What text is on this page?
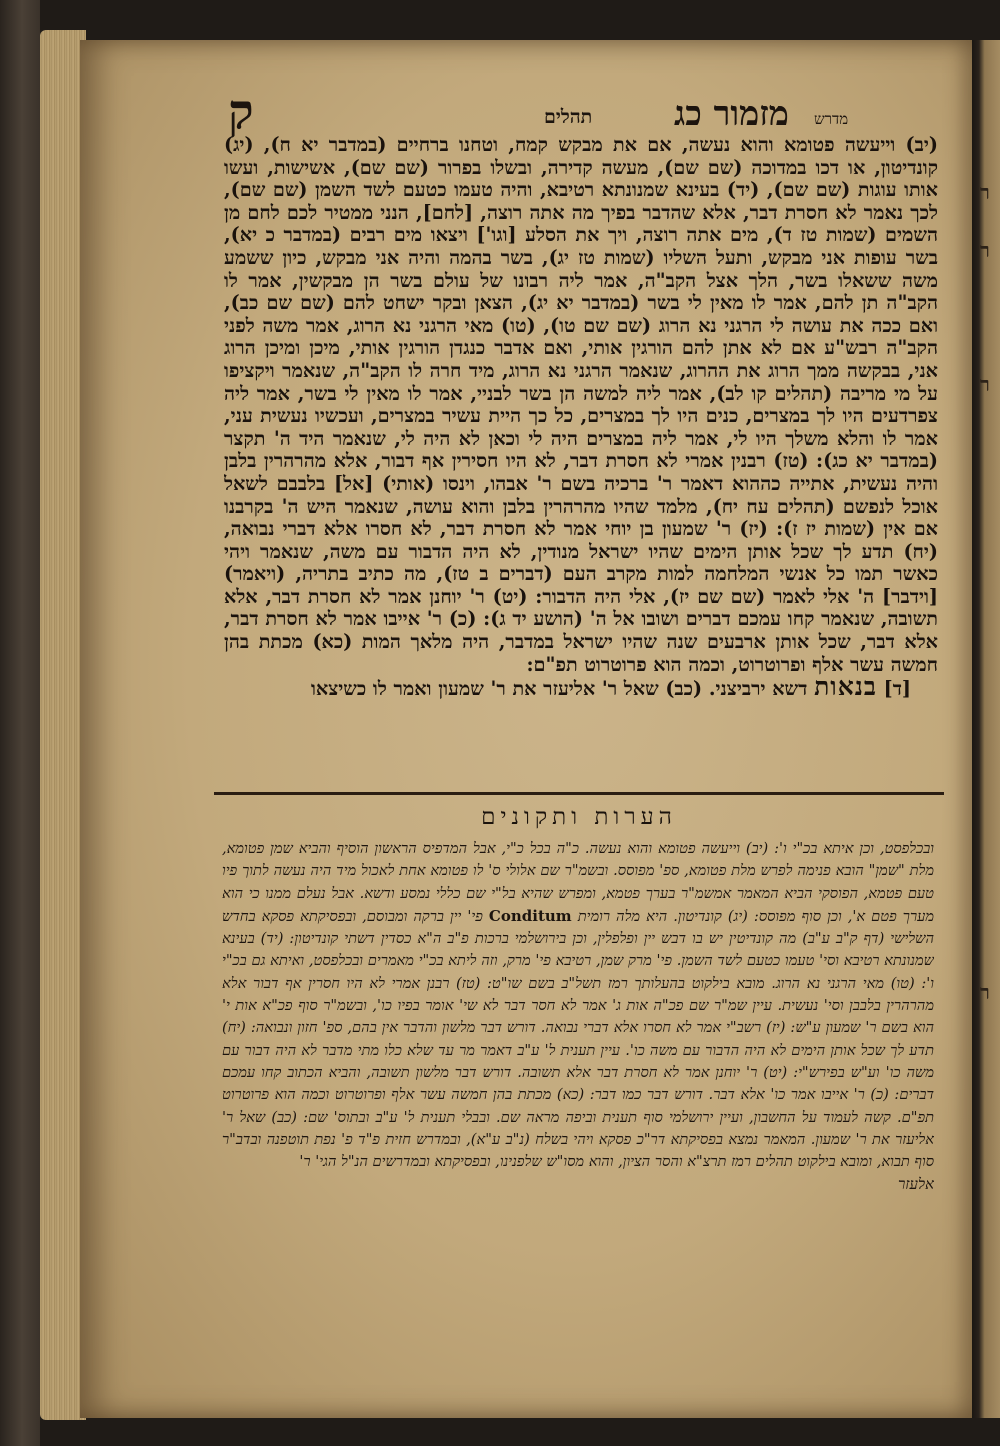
ר
ר
ר
ר
ק	תהלים מזמור כג מדרש
(יב) וייעשה פטומא והוא נעשה, אם את מבקש קמח, וטחנו ברחיים (במדבר יא ח), (יג) קונדיטון, או דכו במדוכה (שם שם), מעשה קדירה, ובשלו בפרור (שם שם), אשישות, ועשו אותו עוגות (שם שם), (יד) בעינא שמנונתא רטיבא, והיה טעמו כטעם לשד השמן (שם שם), לכך נאמר לא חסרת דבר, אלא שהדבר בפיך מה אתה רוצה, [לחם], הנני ממטיר לכם לחם מן השמים (שמות טז ד), מים אתה רוצה, ויך את הסלע [וגו'] ויצאו מים רבים (במדבר כ יא), בשר עופות אני מבקש, ותעל השליו (שמות טז יג), בשר בהמה והיה אני מבקש, כיון ששמע משה ששאלו בשר, הלך אצל הקב"ה, אמר ליה רבונו של עולם בשר הן מבקשין, אמר לו הקב"ה תן להם, אמר לו מאין לי בשר (במדבר יא יג), הצאן ובקר ישחט להם (שם שם כב), ואם ככה את עושה לי הרגני נא הרוג (שם שם טו), (טו) מאי הרגני נא הרוג, אמר משה לפני הקב"ה רבש"ע אם לא אתן להם הורגין אותי, ואם אדבר כנגדן הורגין אותי, מיכן ומיכן הרוג אני, בבקשה ממך הרוג את ההרוג, שנאמר הרגני נא הרוג, מיד חרה לו הקב"ה, שנאמר ויקציפו על מי מריבה (תהלים קו לב), אמר ליה למשה הן בשר לבניי, אמר לו מאין לי בשר, אמר ליה צפרדעים היו לך במצרים, כנים היו לך במצרים, כל כך היית עשיר במצרים, ועכשיו נעשית עני, אמר לו והלא משלך היו לי, אמר ליה במצרים היה לי וכאן לא היה לי, שנאמר היד ה' תקצר (במדבר יא כג): (טז) רבנין אמרי לא חסרת דבר, לא היו חסירין אף דבור, אלא מהרהרין בלבן והיה נעשית, אתייה כההוא דאמר ר' ברכיה בשם ר' אבהו, וינסו (אותי) [אל] בלבבם לשאל אוכל לנפשם (תהלים עח יח), מלמד שהיו מהרהרין בלבן והוא עושה, שנאמר היש ה' בקרבנו אם אין (שמות יז ז): (יז) ר' שמעון בן יוחי אמר לא חסרת דבר, לא חסרו אלא דברי נבואה, (יח) תדע לך שכל אותן הימים שהיו ישראל מנודין, לא היה הדבור עם משה, שנאמר ויהי כאשר תמו כל אנשי המלחמה למות מקרב העם (דברים ב טז), מה כתיב בתריה, (ויאמר) [וידבר] ה' אלי לאמר (שם שם יז), אלי היה הדבור: (יט) ר' יוחנן אמר לא חסרת דבר, אלא תשובה, שנאמר קחו עמכם דברים ושובו אל ה' (הושע יד ג): (כ) ר' אייבו אמר לא חסרת דבר, אלא דבר, שכל אותן ארבעים שנה שהיו ישראל במדבר, היה מלאך המות (כא) מכתת בהן חמשה עשר אלף ופרוטרוט, וכמה הוא פרוטרוט תפ"ם:
[ד] בנאות דשא ירביצני. (כב) שאל ר' אליעזר את ר' שמעון ואמר לו כשיצאו
הערות ותקונים
ובכלפסט, וכן איתא בכ"י ו': (יב) וייעשה פטומא והוא נעשה. כ"ה בכל כ"י, אבל המדפיס הראשון הוסיף והביא שמן פטומא, מלת "שמן" הובא פנימה לפרש מלת פטומא, ספ' מפוסס. ובשמ"ר שם אלולי ס' לו פטומא אחת לאכול מיד היה נעשה לתוך פיו טעם פטמא, הפוסקי הביא המאמר אמשמ"ר בערך פטמא, ומפרש שהיא בל"י שם כללי נמסע ודשא. אבל נעלם ממנו כי הוא מערך פטם א', וכן סוף מפוסס: (יג) קונדיטון. היא מלה רומית Conditum פי' יין ברקה ומבוסם, ובפסיקתא פסקא בחדש השלישי (דף ק"ב ע"ב) מה קונדיטין יש בו דבש יין ופלפלין, וכן בירושלמי ברכות פ"ב ה"א כסדין דשתי קונדיטון: (יד) בעינא שמנונתא רטיבא וסי' טעמו כטעם לשד השמן. פי' מרק שמן, רטיבא פי' מרק, וזה ליתא בכ"י מאמרים ובכלפסט, ואיתא גם בכ"י ו': (טו) מאי הרגני נא הרוג. מובא בילקוט בהעלותך רמז תשל"ב בשם שו"ט: (טז) רבנן אמרי לא היו חסרין אף דבור אלא מהרהרין בלבבן וסי' נעשית. עיין שמ"ר שם פכ"ה אות ג' אמר לא חסר דבר לא שי' אומר בפיו כו', ובשמ"ר סוף פכ"א אות י' הוא בשם ר' שמעון ע"ש: (יז) רשב"י אמר לא חסרו אלא דברי נבואה. דורש דבר מלשון והדבר אין בהם, ספ' חזון ונבואה: (יח) תדע לך שכל אותן הימים לא היה הדבור עם משה כו'. עיין תענית ל' ע"ב דאמר מר עד שלא כלו מתי מדבר לא היה דבור עם משה כו' וע"ש בפירש"י: (יט) ר' יוחנן אמר לא חסרת דבר אלא תשובה. דורש דבר מלשון תשובה, והביא הכתוב קחו עמכם דברים: (כ) ר' אייבו אמר כו' אלא דבר. דורש דבר כמו דבר: (כא) מכתת בהן חמשה עשר אלף ופרוטרוט וכמה הוא פרוטרוט תפ"ם. קשה לעמוד על החשבון, ועיין ירושלמי סוף תענית וביפה מראה שם. ובבלי תענית ל' ע"ב ובתוס' שם: (כב) שאל ר' אליעזר את ר' שמעון. המאמר נמצא בפסיקתא דר"כ פסקא ויהי בשלח (נ"ב ע"א), ובמדרש חזית פ"ד פ' נפת תוטפנה ובדב"ר סוף תבוא, ומובא בילקוט תהלים רמז תרצ"א והסר הציון, והוא מסו"ש שלפנינו, ובפסיקתא ובמדרשים הנ"ל הגי' ר'
אלעזר
